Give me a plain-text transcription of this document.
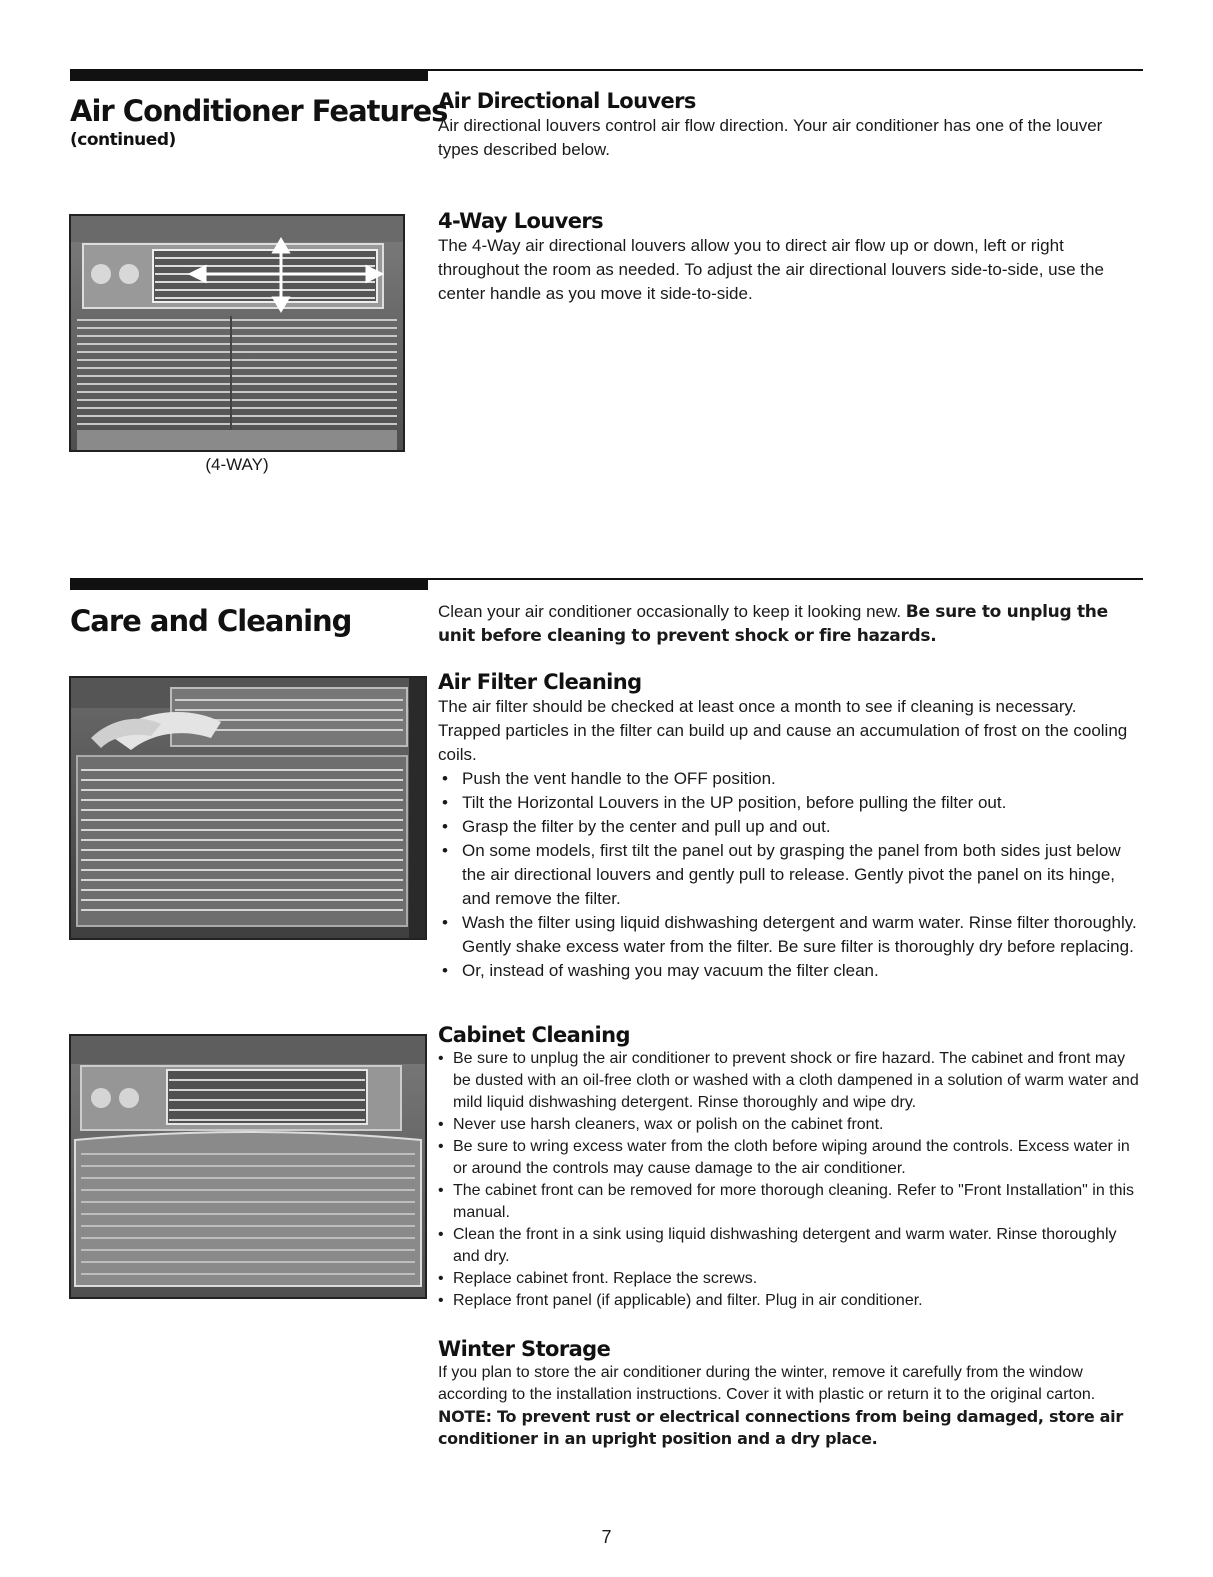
Air Conditioner Features
(continued)
Air Directional Louvers

Air directional louvers control air flow direction. Your air conditioner has one of the louver types described below.

(4-WAY)
4-Way Louvers

The 4-Way air directional louvers allow you to direct air flow up or down, left or right throughout the room as needed. To adjust the air directional louvers side-to-side, use the center handle as you move it side-to-side.

Care and Cleaning	Clean your air conditioner occasionally to keep it looking new. Be sure to unplug the unit before cleaning to prevent shock or fire hazards.

Air Filter Cleaning

The air filter should be checked at least once a month to see if cleaning is necessary. Trapped particles in the filter can build up and cause an accumulation of frost on the cooling coils.

• Push the vent handle to the OFF position.
• Tilt the Horizontal Louvers in the UP position, before pulling the filter out.
• Grasp the filter by the center and pull up and out.
• On some models, first tilt the panel out by grasping the panel from both sides just below the air directional louvers and gently pull to release. Gently pivot the panel on its hinge, and remove the filter.
• Wash the filter using liquid dishwashing detergent and warm water. Rinse filter thoroughly. Gently shake excess water from the filter. Be sure filter is thoroughly dry before replacing.
• Or, instead of washing you may vacuum the filter clean.
Cabinet Cleaning
• Be sure to unplug the air conditioner to prevent shock or fire hazard. The cabinet and front may be dusted with an oil-free cloth or washed with a cloth dampened in a solution of warm water and mild liquid dishwashing detergent. Rinse thoroughly and wipe dry.
• Never use harsh cleaners, wax or polish on the cabinet front.
• Be sure to wring excess water from the cloth before wiping around the controls. Excess water in or around the controls may cause damage to the air conditioner.
• The cabinet front can be removed for more thorough cleaning. Refer to "Front Installation" in this manual.
• Clean the front in a sink using liquid dishwashing detergent and warm water. Rinse thoroughly and dry.
• Replace cabinet front. Replace the screws.
• Replace front panel (if applicable) and filter. Plug in air conditioner.
Winter Storage

If you plan to store the air conditioner during the winter, remove it carefully from the window according to the installation instructions. Cover it with plastic or return it to the original carton.

NOTE: To prevent rust or electrical connections from being damaged, store air conditioner in an upright position and a dry place.

7
